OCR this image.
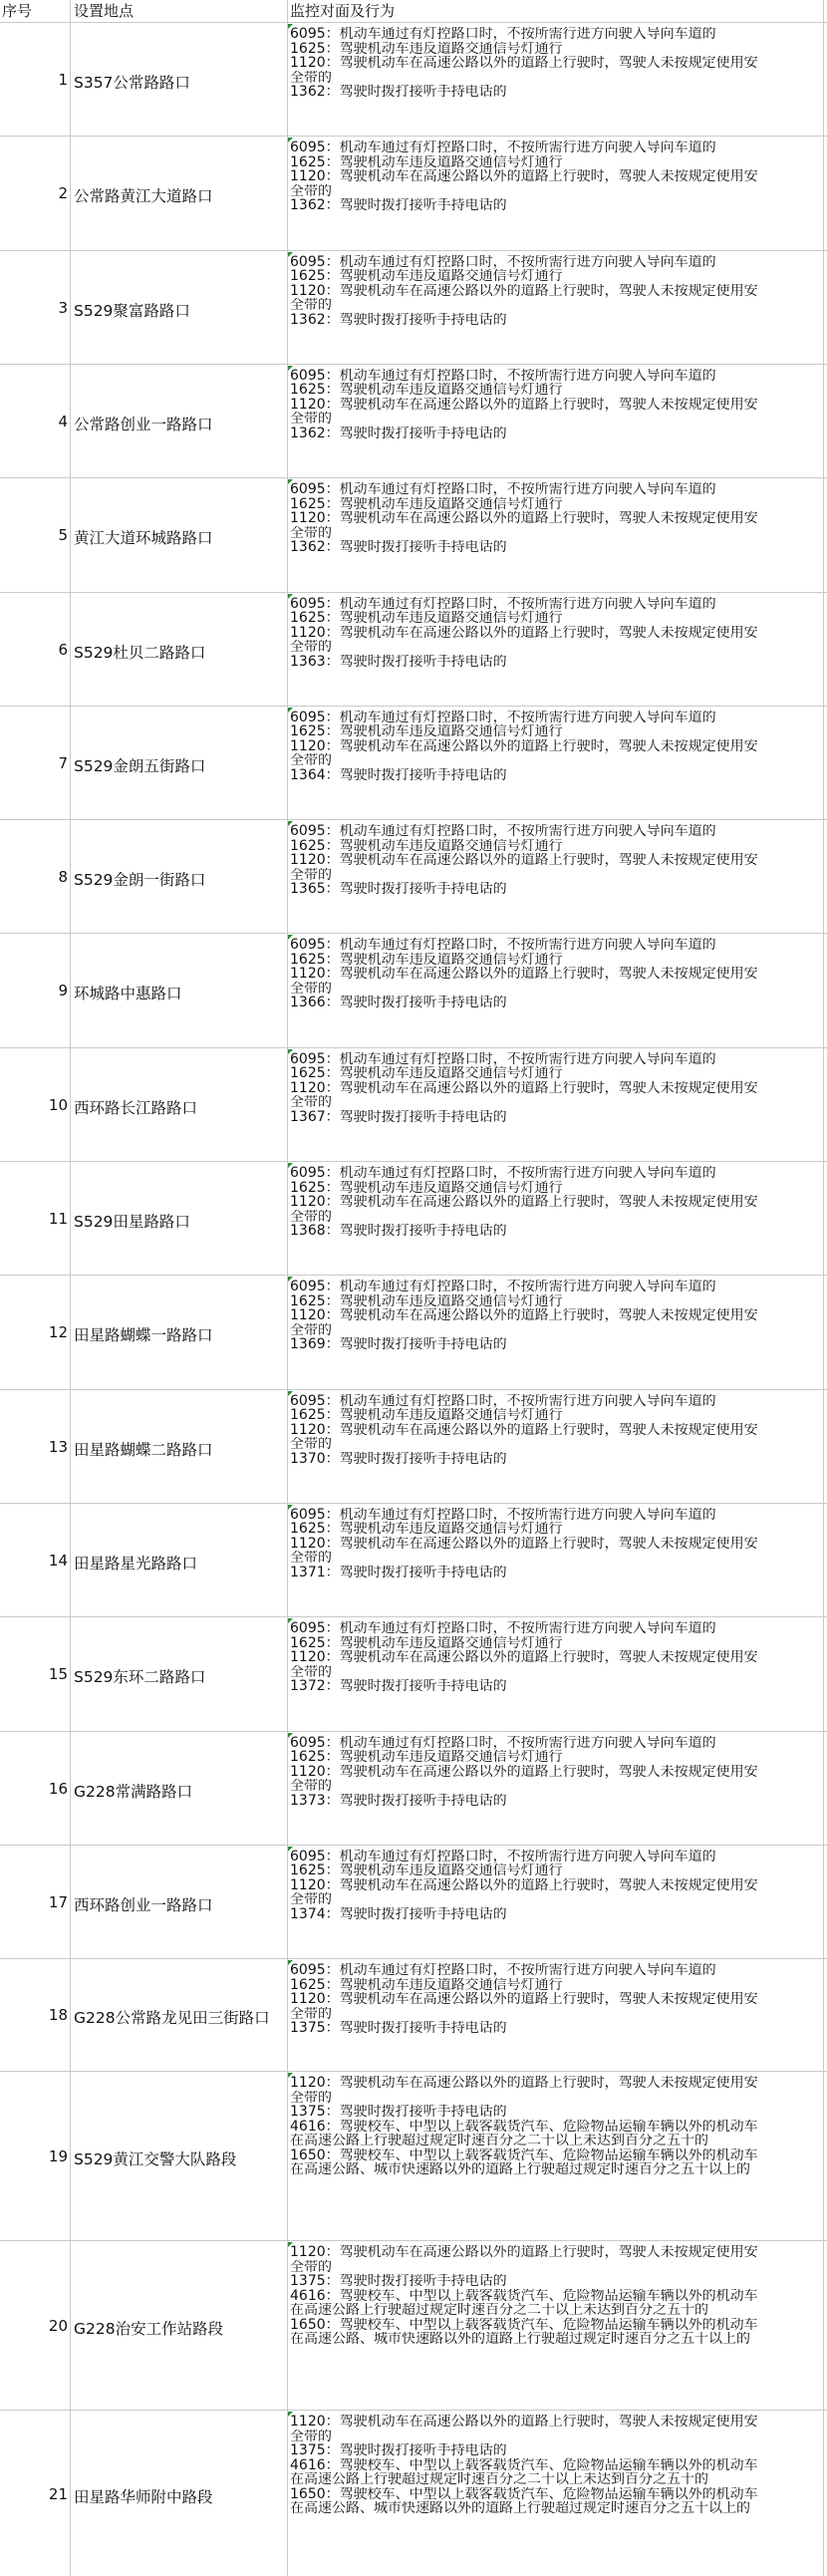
序号	设置地点	监控对面及行为
1 S357公常路路口
6095：机动车通过有灯控路口时，不按所需行进方向驶入导向车道的
1625：驾驶机动车违反道路交通信号灯通行
1120：驾驶机动车在高速公路以外的道路上行驶时，驾驶人未按规定使用安
全带的
1362：驾驶时拨打接听手持电话的
2 公常路黄江大道路口
6095：机动车通过有灯控路口时，不按所需行进方向驶入导向车道的
1625：驾驶机动车违反道路交通信号灯通行
1120：驾驶机动车在高速公路以外的道路上行驶时，驾驶人未按规定使用安
全带的
1362：驾驶时拨打接听手持电话的
3 S529聚富路路口
6095：机动车通过有灯控路口时，不按所需行进方向驶入导向车道的
1625：驾驶机动车违反道路交通信号灯通行
1120：驾驶机动车在高速公路以外的道路上行驶时，驾驶人未按规定使用安
全带的
1362：驾驶时拨打接听手持电话的
4 公常路创业一路路口
6095：机动车通过有灯控路口时，不按所需行进方向驶入导向车道的
1625：驾驶机动车违反道路交通信号灯通行
1120：驾驶机动车在高速公路以外的道路上行驶时，驾驶人未按规定使用安
全带的
1362：驾驶时拨打接听手持电话的
5 黄江大道环城路路口
6095：机动车通过有灯控路口时，不按所需行进方向驶入导向车道的
1625：驾驶机动车违反道路交通信号灯通行
1120：驾驶机动车在高速公路以外的道路上行驶时，驾驶人未按规定使用安
全带的
1362：驾驶时拨打接听手持电话的
6 S529杜贝二路路口
6095：机动车通过有灯控路口时，不按所需行进方向驶入导向车道的
1625：驾驶机动车违反道路交通信号灯通行
1120：驾驶机动车在高速公路以外的道路上行驶时，驾驶人未按规定使用安
全带的
1363：驾驶时拨打接听手持电话的
7 S529金朗五街路口
6095：机动车通过有灯控路口时，不按所需行进方向驶入导向车道的
1625：驾驶机动车违反道路交通信号灯通行
1120：驾驶机动车在高速公路以外的道路上行驶时，驾驶人未按规定使用安
全带的
1364：驾驶时拨打接听手持电话的
8 S529金朗一街路口
6095：机动车通过有灯控路口时，不按所需行进方向驶入导向车道的
1625：驾驶机动车违反道路交通信号灯通行
1120：驾驶机动车在高速公路以外的道路上行驶时，驾驶人未按规定使用安
全带的
1365：驾驶时拨打接听手持电话的
9 环城路中惠路口
6095：机动车通过有灯控路口时，不按所需行进方向驶入导向车道的
1625：驾驶机动车违反道路交通信号灯通行
1120：驾驶机动车在高速公路以外的道路上行驶时，驾驶人未按规定使用安
全带的
1366：驾驶时拨打接听手持电话的
10 西环路长江路路口
6095：机动车通过有灯控路口时，不按所需行进方向驶入导向车道的
1625：驾驶机动车违反道路交通信号灯通行
1120：驾驶机动车在高速公路以外的道路上行驶时，驾驶人未按规定使用安
全带的
1367：驾驶时拨打接听手持电话的
11 S529田星路路口
6095：机动车通过有灯控路口时，不按所需行进方向驶入导向车道的
1625：驾驶机动车违反道路交通信号灯通行
1120：驾驶机动车在高速公路以外的道路上行驶时，驾驶人未按规定使用安
全带的
1368：驾驶时拨打接听手持电话的
12 田星路蝴蝶一路路口
6095：机动车通过有灯控路口时，不按所需行进方向驶入导向车道的
1625：驾驶机动车违反道路交通信号灯通行
1120：驾驶机动车在高速公路以外的道路上行驶时，驾驶人未按规定使用安
全带的
1369：驾驶时拨打接听手持电话的
13 田星路蝴蝶二路路口
6095：机动车通过有灯控路口时，不按所需行进方向驶入导向车道的
1625：驾驶机动车违反道路交通信号灯通行
1120：驾驶机动车在高速公路以外的道路上行驶时，驾驶人未按规定使用安
全带的
1370：驾驶时拨打接听手持电话的
14 田星路星光路路口
6095：机动车通过有灯控路口时，不按所需行进方向驶入导向车道的
1625：驾驶机动车违反道路交通信号灯通行
1120：驾驶机动车在高速公路以外的道路上行驶时，驾驶人未按规定使用安
全带的
1371：驾驶时拨打接听手持电话的
15 S529东环二路路口
6095：机动车通过有灯控路口时，不按所需行进方向驶入导向车道的
1625：驾驶机动车违反道路交通信号灯通行
1120：驾驶机动车在高速公路以外的道路上行驶时，驾驶人未按规定使用安
全带的
1372：驾驶时拨打接听手持电话的
16 G228常满路路口
6095：机动车通过有灯控路口时，不按所需行进方向驶入导向车道的
1625：驾驶机动车违反道路交通信号灯通行
1120：驾驶机动车在高速公路以外的道路上行驶时，驾驶人未按规定使用安
全带的
1373：驾驶时拨打接听手持电话的
17 西环路创业一路路口
6095：机动车通过有灯控路口时，不按所需行进方向驶入导向车道的
1625：驾驶机动车违反道路交通信号灯通行
1120：驾驶机动车在高速公路以外的道路上行驶时，驾驶人未按规定使用安
全带的
1374：驾驶时拨打接听手持电话的
18 G228公常路龙见田三街路口
6095：机动车通过有灯控路口时，不按所需行进方向驶入导向车道的
1625：驾驶机动车违反道路交通信号灯通行
1120：驾驶机动车在高速公路以外的道路上行驶时，驾驶人未按规定使用安
全带的
1375：驾驶时拨打接听手持电话的
19 S529黄江交警大队路段
1120：驾驶机动车在高速公路以外的道路上行驶时，驾驶人未按规定使用安
全带的
1375：驾驶时拨打接听手持电话的
4616：驾驶校车、中型以上载客载货汽车、危险物品运输车辆以外的机动车
在高速公路上行驶超过规定时速百分之二十以上未达到百分之五十的
1650：驾驶校车、中型以上载客载货汽车、危险物品运输车辆以外的机动车
在高速公路、城市快速路以外的道路上行驶超过规定时速百分之五十以上的
20 G228治安工作站路段
1120：驾驶机动车在高速公路以外的道路上行驶时，驾驶人未按规定使用安
全带的
1375：驾驶时拨打接听手持电话的
4616：驾驶校车、中型以上载客载货汽车、危险物品运输车辆以外的机动车
在高速公路上行驶超过规定时速百分之二十以上未达到百分之五十的
1650：驾驶校车、中型以上载客载货汽车、危险物品运输车辆以外的机动车
在高速公路、城市快速路以外的道路上行驶超过规定时速百分之五十以上的
21 田星路华师附中路段
1120：驾驶机动车在高速公路以外的道路上行驶时，驾驶人未按规定使用安
全带的
1375：驾驶时拨打接听手持电话的
4616：驾驶校车、中型以上载客载货汽车、危险物品运输车辆以外的机动车
在高速公路上行驶超过规定时速百分之二十以上未达到百分之五十的
1650：驾驶校车、中型以上载客载货汽车、危险物品运输车辆以外的机动车
在高速公路、城市快速路以外的道路上行驶超过规定时速百分之五十以上的
